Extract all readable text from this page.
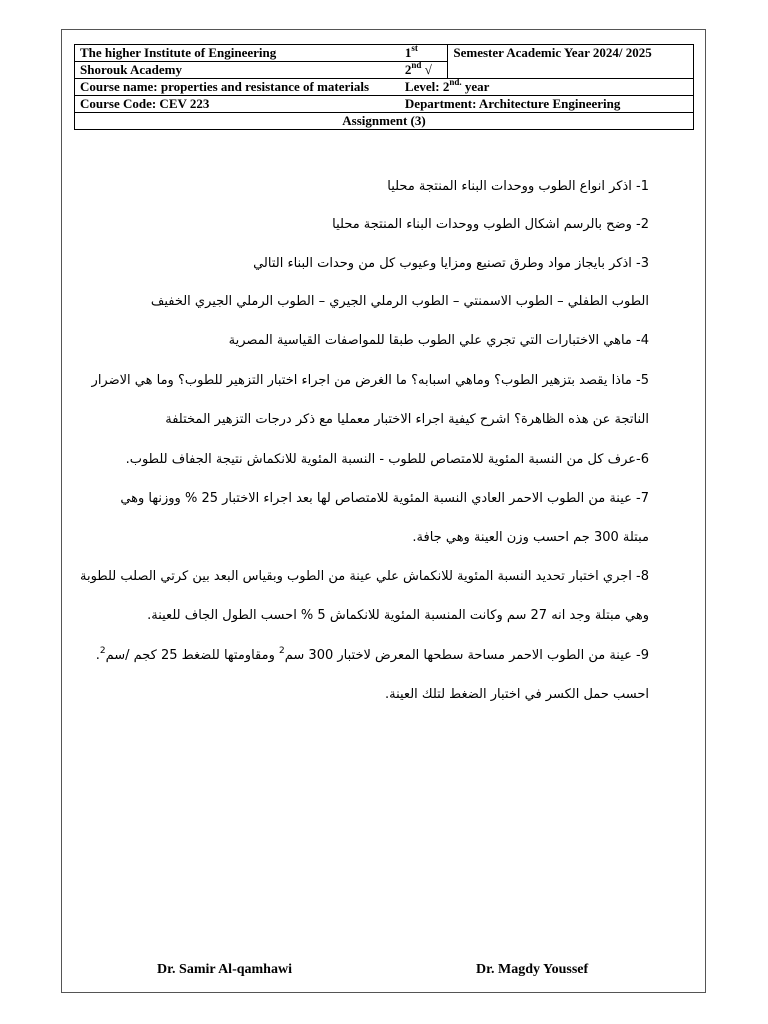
The higher Institute of Engineering	1st	Semester Academic Year 2024/ 2025
Shorouk Academy	2nd √	
Course name: properties and resistance of materials	Level: $2^{nd.}$ year	
Course Code: CEV 223	Department: Architecture Engineering	
Assignment (3)		
1- اذكر انواع الطوب ووحدات البناء المنتجة محليا
2- وضح بالرسم اشكال الطوب ووحدات البناء المنتجة محليا
3- اذكر بايجاز مواد وطرق تصنيع ومزايا وعيوب كل من وحدات البناء التالي
الطوب الطفلي – الطوب الاسمنتي – الطوب الرملي الجيري – الطوب الرملي الجيري الخفيف
4- ماهي الاختبارات التي تجري علي الطوب طبقا للمواصفات القياسية المصرية
5- ماذا يقصد بتزهير الطوب؟ وماهي اسبابه؟ ما الغرض من اجراء اختبار التزهير للطوب؟ وما هي الاضرار
الناتجة عن هذه الظاهرة؟ اشرح كيفية اجراء الاختبار معمليا مع ذكر درجات التزهير المختلفة
6-عرف كل من النسبة المئوية للامتصاص للطوب - النسبة المئوية للانكماش نتيجة الجفاف للطوب.
7- عينة من الطوب الاحمر العادي النسبة المئوية للامتصاص لها بعد اجراء الاختبار 25 % ووزنها وهي
مبتلة 300 جم احسب وزن العينة وهي جافة.
8- اجري اختبار تحديد النسبة المئوية للانكماش علي عينة من الطوب وبقياس البعد بين كرتي الصلب للطوبة
وهي مبتلة وجد انه 27 سم وكانت المنسبة المئوية للانكماش 5 % احسب الطول الجاف للعينة.
9- عينة من الطوب الاحمر مساحة سطحها المعرض لاختبار 300 سم$^2$ ومقاومتها للضغط 25 كجم /سم$^2$.
احسب حمل الكسر في اختبار الضغط لتلك العينة.
Dr. Samir Al-qamhawi	Dr. Magdy Youssef
